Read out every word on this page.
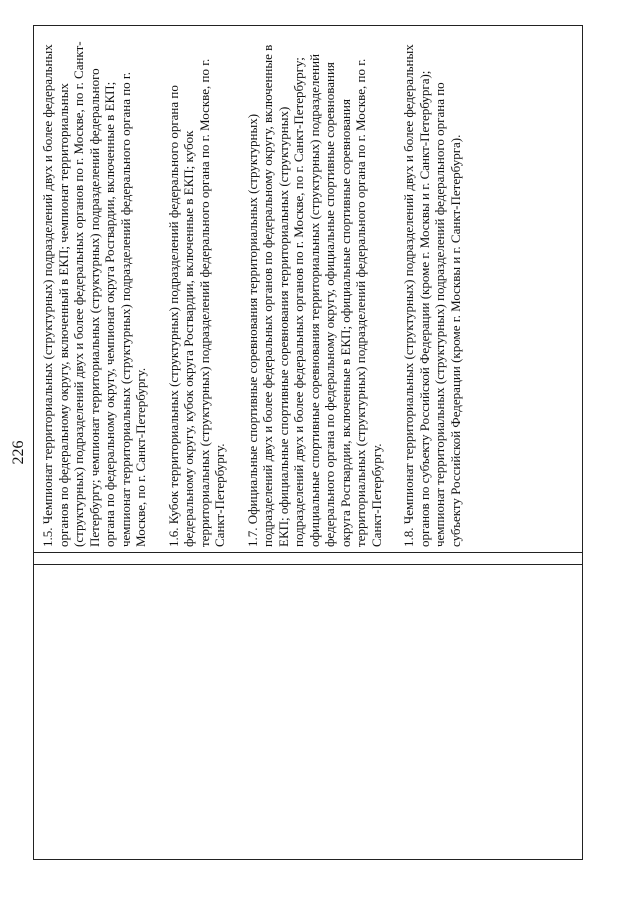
226 1.5. Чемпионат территориальных (структурных) подразделений двух и более федеральных органов по федеральному округу, включенный в ЕКП; чемпионат территориальных (структурных) подразделений двух и более федеральных органов по г. Москве, по г. Санкт-Петербургу; чемпионат территориальных (структурных) подразделений федерального органа по федеральному округу, чемпионат округа Росгвардии, включенные в ЕКП; чемпионат территориальных (структурных) подразделений федерального органа по г. Москве, по г. Санкт-Петербургу. 1.6. Кубок территориальных (структурных) подразделений федерального органа по федеральному округу, кубок округа Росгвардии, включенные в ЕКП; кубок территориальных (структурных) подразделений федерального органа по г. Москве, по г. Санкт-Петербургу. 1.7. Официальные спортивные соревнования территориальных (структурных) подразделений двух и более федеральных органов по федеральному округу, включенные в ЕКП; официальные спортивные соревнования территориальных (структурных) подразделений двух и более федеральных органов по г. Москве, по г. Санкт-Петербургу; официальные спортивные соревнования территориальных (структурных) подразделений федерального органа по федеральному округу, официальные спортивные соревнования округа Росгвардии, включенные в ЕКП; официальные спортивные соревнования территориальных (структурных) подразделений федерального органа по г. Москве, по г. Санкт-Петербургу. 1.8. Чемпионат территориальных (структурных) подразделений двух и более федеральных органов по субъекту Российской Федерации (кроме г. Москвы и г. Санкт-Петербурга); чемпионат территориальных (структурных) подразделений федерального органа по субъекту Российской Федерации (кроме г. Москвы и г. Санкт-Петербурга).
